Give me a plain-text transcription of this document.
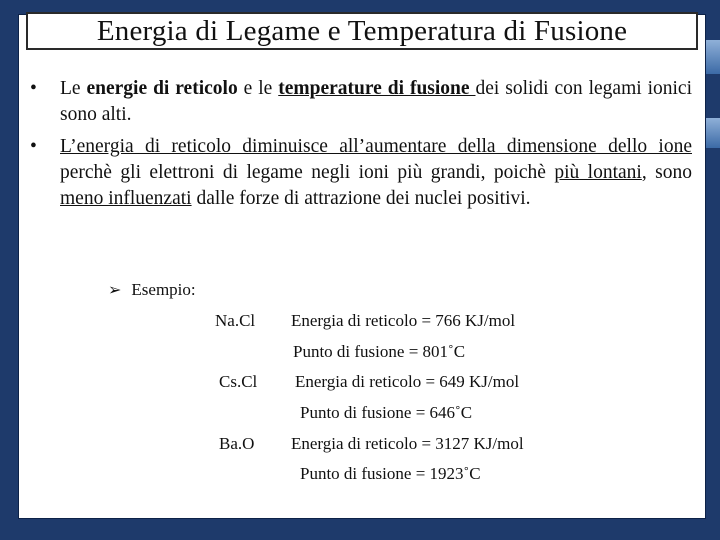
Energia di Legame e Temperatura di Fusione
•	Le energie di reticolo e le temperature di fusione dei solidi con legami ionici sono alti.
•	L’energia di reticolo diminuisce all’aumentare della dimensione dello ione perchè gli elettroni di legame negli ioni più grandi, poichè più lontani, sono meno influenzati dalle forze di attrazione dei nuclei positivi.
➢ Esempio:
Na.Cl Energia di reticolo = 766 KJ/mol
Punto di fusione = 801˚C
Cs.Cl Energia di reticolo = 649 KJ/mol
Punto di fusione = 646˚C
Ba.O Energia di reticolo = 3127 KJ/mol
Punto di fusione = 1923˚C
